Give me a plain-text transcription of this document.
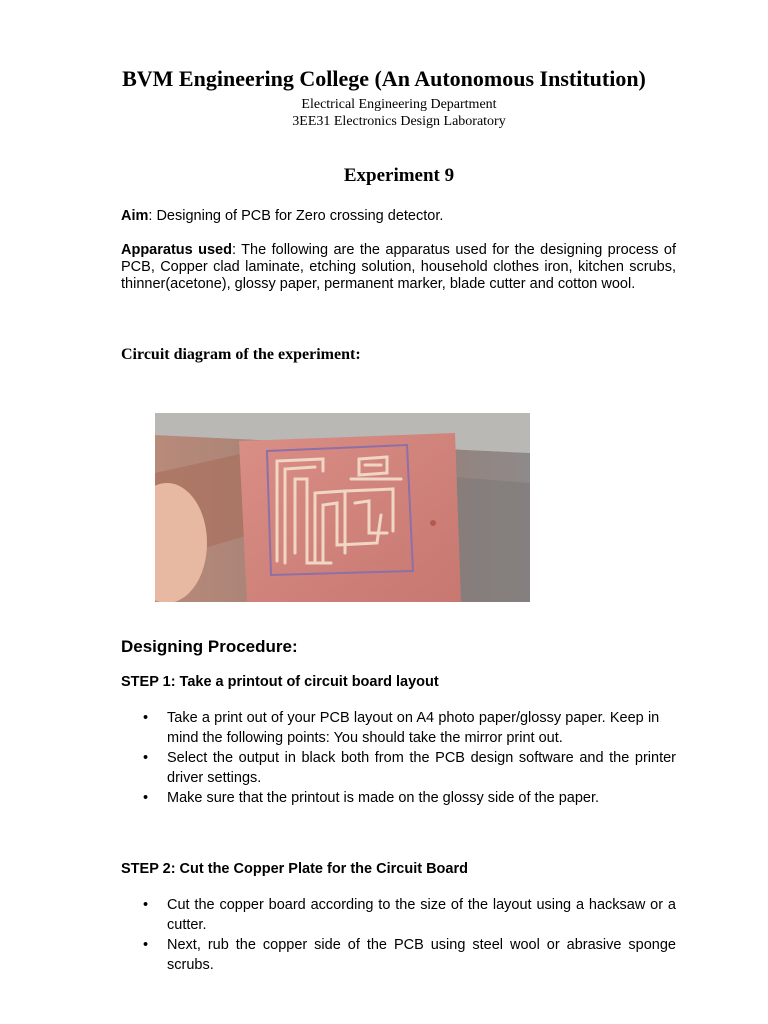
BVM Engineering College (An Autonomous Institution)
Electrical Engineering Department
3EE31 Electronics Design Laboratory
Experiment 9
Aim: Designing of PCB for Zero crossing detector.
Apparatus used: The following are the apparatus used for the designing process of PCB, Copper clad laminate, etching solution, household clothes iron, kitchen scrubs, thinner(acetone), glossy paper, permanent marker, blade cutter and cotton wool.
Circuit diagram of the experiment:
Designing Procedure:
STEP 1: Take a printout of circuit board layout
• Take a print out of your PCB layout on A4 photo paper/glossy paper. Keep in     mind the following points: You should take the mirror print out.
• Select the output in black both from the PCB design software and the printer driver settings.
• Make sure that the printout is made on the glossy side of the paper.
STEP 2: Cut the Copper Plate for the Circuit Board
• Cut the copper board according to the size of the layout using a hacksaw or a cutter.
• Next, rub the copper side of the PCB using steel wool or abrasive sponge scrubs.
